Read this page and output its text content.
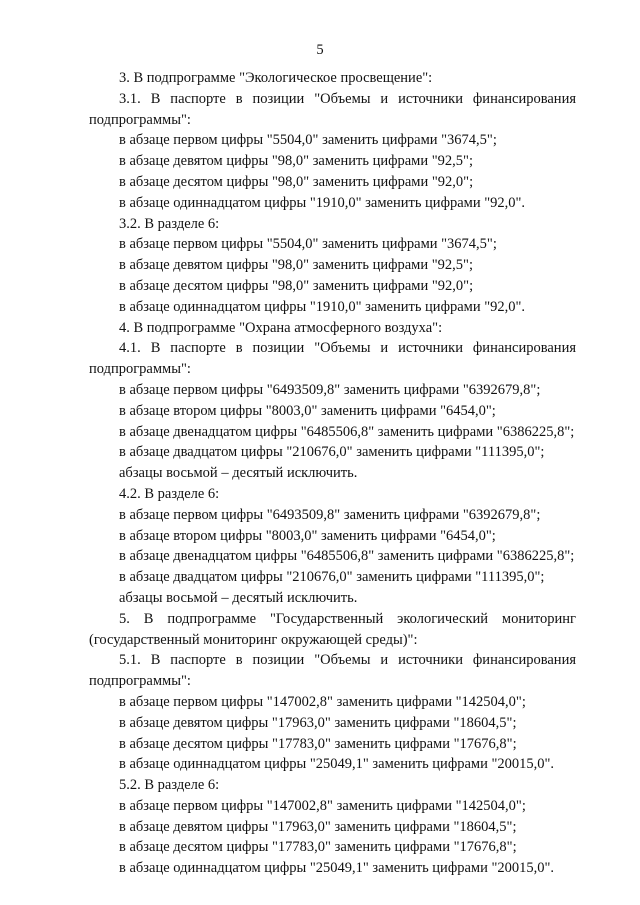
5
3. В подпрограмме "Экологическое просвещение":
3.1. В паспорте в позиции "Объемы и источники финансирования подпрограммы":
в абзаце первом цифры "5504,0" заменить цифрами "3674,5";
в абзаце девятом цифры "98,0" заменить цифрами "92,5";
в абзаце десятом цифры "98,0" заменить цифрами "92,0";
в абзаце одиннадцатом цифры "1910,0" заменить цифрами "92,0".
3.2. В разделе 6:
в абзаце первом цифры "5504,0" заменить цифрами "3674,5";
в абзаце девятом цифры "98,0" заменить цифрами "92,5";
в абзаце десятом цифры "98,0" заменить цифрами "92,0";
в абзаце одиннадцатом цифры "1910,0" заменить цифрами "92,0".
4. В подпрограмме "Охрана атмосферного воздуха":
4.1. В паспорте в позиции "Объемы и источники финансирования подпрограммы":
в абзаце первом цифры "6493509,8" заменить цифрами "6392679,8";
в абзаце втором цифры "8003,0" заменить цифрами "6454,0";
в абзаце двенадцатом цифры "6485506,8" заменить цифрами "6386225,8";
в абзаце двадцатом цифры "210676,0" заменить цифрами "111395,0";
абзацы восьмой – десятый исключить.
4.2. В разделе 6:
в абзаце первом цифры "6493509,8" заменить цифрами "6392679,8";
в абзаце втором цифры "8003,0" заменить цифрами "6454,0";
в абзаце двенадцатом цифры "6485506,8" заменить цифрами "6386225,8";
в абзаце двадцатом цифры "210676,0" заменить цифрами "111395,0";
абзацы восьмой – десятый исключить.
5. В подпрограмме "Государственный экологический мониторинг (государственный мониторинг окружающей среды)":
5.1. В паспорте в позиции "Объемы и источники финансирования подпрограммы":
в абзаце первом цифры "147002,8" заменить цифрами "142504,0";
в абзаце девятом цифры "17963,0" заменить цифрами "18604,5";
в абзаце десятом цифры "17783,0" заменить цифрами "17676,8";
в абзаце одиннадцатом цифры "25049,1" заменить цифрами "20015,0".
5.2. В разделе 6:
в абзаце первом цифры "147002,8" заменить цифрами "142504,0";
в абзаце девятом цифры "17963,0" заменить цифрами "18604,5";
в абзаце десятом цифры "17783,0" заменить цифрами "17676,8";
в абзаце одиннадцатом цифры "25049,1" заменить цифрами "20015,0".
